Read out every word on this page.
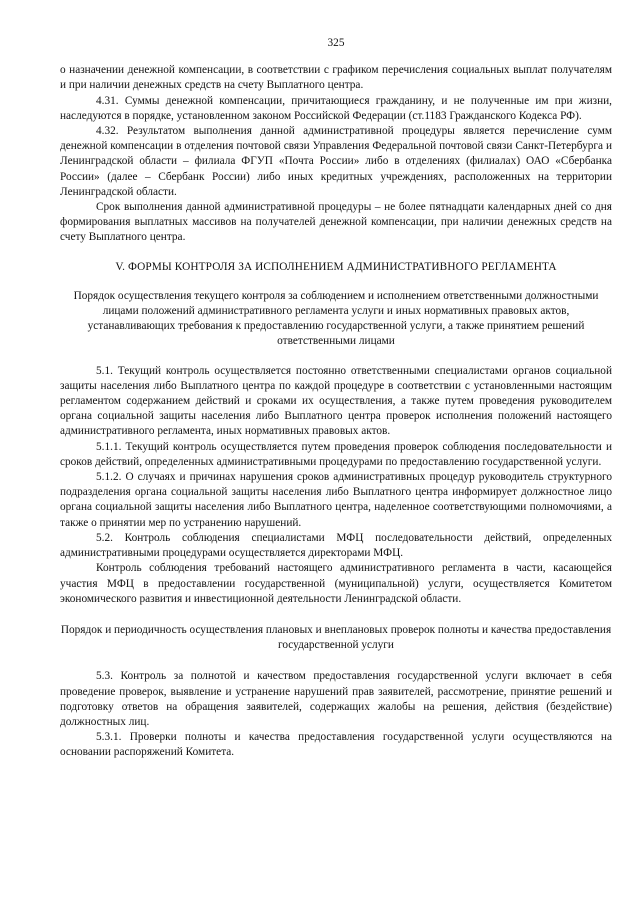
325

о назначении денежной компенсации, в соответствии с графиком перечисления социальных выплат получателям и при наличии денежных средств на счету Выплатного центра.

4.31. Суммы денежной компенсации, причитающиеся гражданину, и не полученные им при жизни, наследуются в порядке, установленном законом Российской Федерации (ст.1183 Гражданского Кодекса РФ).

4.32. Результатом выполнения данной административной процедуры является перечисление сумм денежной компенсации в отделения почтовой связи Управления Федеральной почтовой связи Санкт-Петербурга и Ленинградской области – филиала ФГУП «Почта России» либо в отделениях (филиалах) ОАО «Сбербанка России» (далее – Сбербанк России) либо иных кредитных учреждениях, расположенных на территории Ленинградской области.

Срок выполнения данной административной процедуры – не более пятнадцати календарных дней со дня формирования выплатных массивов на получателей денежной компенсации, при наличии денежных средств на счету Выплатного центра.

V. ФОРМЫ КОНТРОЛЯ ЗА ИСПОЛНЕНИЕМ АДМИНИСТРАТИВНОГО РЕГЛАМЕНТА
Порядок осуществления текущего контроля за соблюдением и исполнением ответственными должностными лицами положений административного регламента услуги и иных нормативных правовых актов, устанавливающих требования к предоставлению государственной услуги, а также принятием решений ответственными лицами

5.1. Текущий контроль осуществляется постоянно ответственными специалистами органов социальной защиты населения либо Выплатного центра по каждой процедуре в соответствии с установленными настоящим регламентом содержанием действий и сроками их осуществления, а также путем проведения руководителем органа социальной защиты населения либо Выплатного центра проверок исполнения положений настоящего административного регламента, иных нормативных правовых актов.

5.1.1. Текущий контроль осуществляется путем проведения проверок соблюдения последовательности и сроков действий, определенных административными процедурами по предоставлению государственной услуги.

5.1.2. О случаях и причинах нарушения сроков административных процедур руководитель структурного подразделения органа социальной защиты населения либо Выплатного центра информирует должностное лицо органа социальной защиты населения либо Выплатного центра, наделенное соответствующими полномочиями, а также о принятии мер по устранению нарушений.

5.2. Контроль соблюдения специалистами МФЦ последовательности действий, определенных административными процедурами осуществляется директорами МФЦ.

Контроль соблюдения требований настоящего административного регламента в части, касающейся участия МФЦ в предоставлении государственной (муниципальной) услуги, осуществляется Комитетом экономического развития и инвестиционной деятельности Ленинградской области.

Порядок и периодичность осуществления плановых и внеплановых проверок полноты и качества предоставления государственной услуги

5.3. Контроль за полнотой и качеством предоставления государственной услуги включает в себя проведение проверок, выявление и устранение нарушений прав заявителей, рассмотрение, принятие решений и подготовку ответов на обращения заявителей, содержащих жалобы на решения, действия (бездействие) должностных лиц.

5.3.1. Проверки полноты и качества предоставления государственной услуги осуществляются на основании распоряжений Комитета.
